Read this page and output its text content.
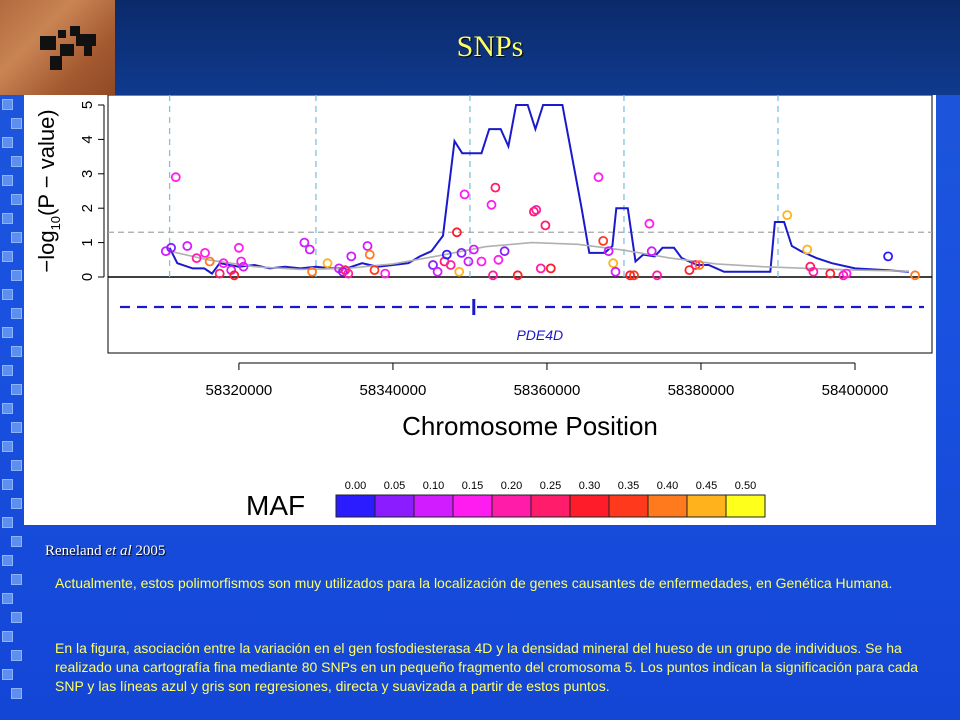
SNPs
0
1
2
3
4
5
$-\log_{10}(P$ − value)
58320000	58340000	58360000	58380000	58400000
Chromosome Position
PDE4D
MAF
0.00 0.05 0.10 0.15 0.20 0.25 0.30 0.35 0.40 0.45 0.50
Reneland et al 2005
Actualmente, estos polimorfismos son muy utilizados para la localización de genes causantes de enfermedades, en Genética Humana.
En la figura, asociación entre la variación en el gen fosfodiesterasa 4D y la densidad mineral del hueso de un grupo de individuos. Se ha realizado una cartografía fina mediante 80 SNPs en un pequeño fragmento del cromosoma 5. Los puntos indican la significación para cada SNP y las líneas azul y gris son regresiones, directa y suavizada a partir de estos puntos.
